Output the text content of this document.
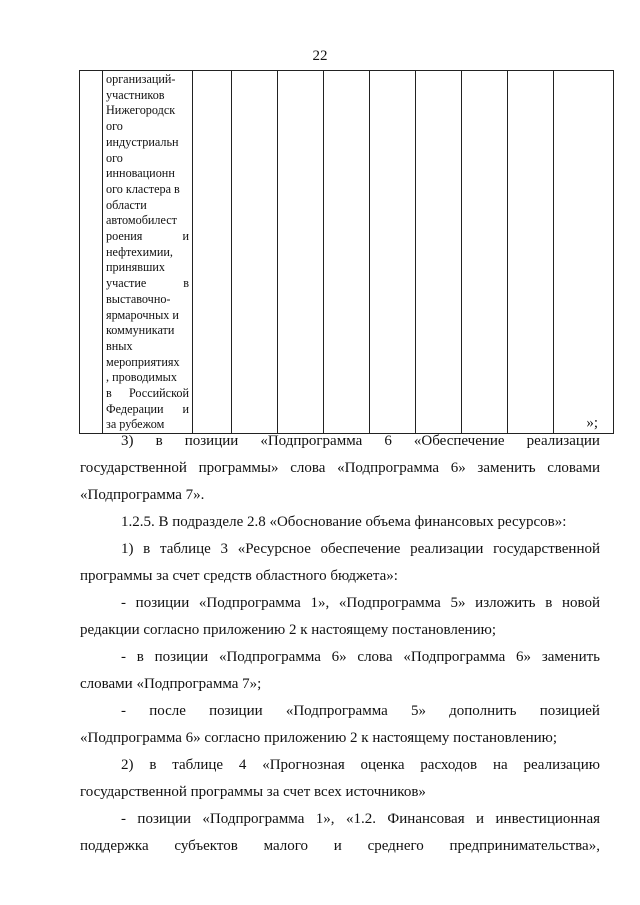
22

организаций-
участников
Нижегородск
ого
индустриальн
ого
инновационн
ого кластера в
области
автомобилест
роения	и
нефтехимии,
принявших
участие	в
выставочно-
ярмарочных и
коммуникати
вных
мероприятиях
, проводимых
в Российской
Федерации и
за рубежом
										»;
3) в позиции «Подпрограмма 6 «Обеспечение реализации
государственной программы» слова «Подпрограмма 6» заменить словами
«Подпрограмма 7».
1.2.5. В подразделе 2.8 «Обоснование объема финансовых ресурсов»:
1) в таблице 3 «Ресурсное обеспечение реализации государственной
программы за счет средств областного бюджета»:
- позиции «Подпрограмма 1», «Подпрограмма 5» изложить в новой
редакции согласно приложению 2 к настоящему постановлению;
- в позиции «Подпрограмма 6» слова «Подпрограмма 6» заменить
словами «Подпрограмма 7»;
- после позиции «Подпрограмма 5» дополнить позицией
«Подпрограмма 6» согласно приложению 2 к настоящему постановлению;
2) в таблице 4 «Прогнозная оценка расходов на реализацию
государственной программы за счет всех источников»
- позиции «Подпрограмма 1», «1.2. Финансовая и инвестиционная
поддержка субъектов малого и среднего предпринимательства»,
